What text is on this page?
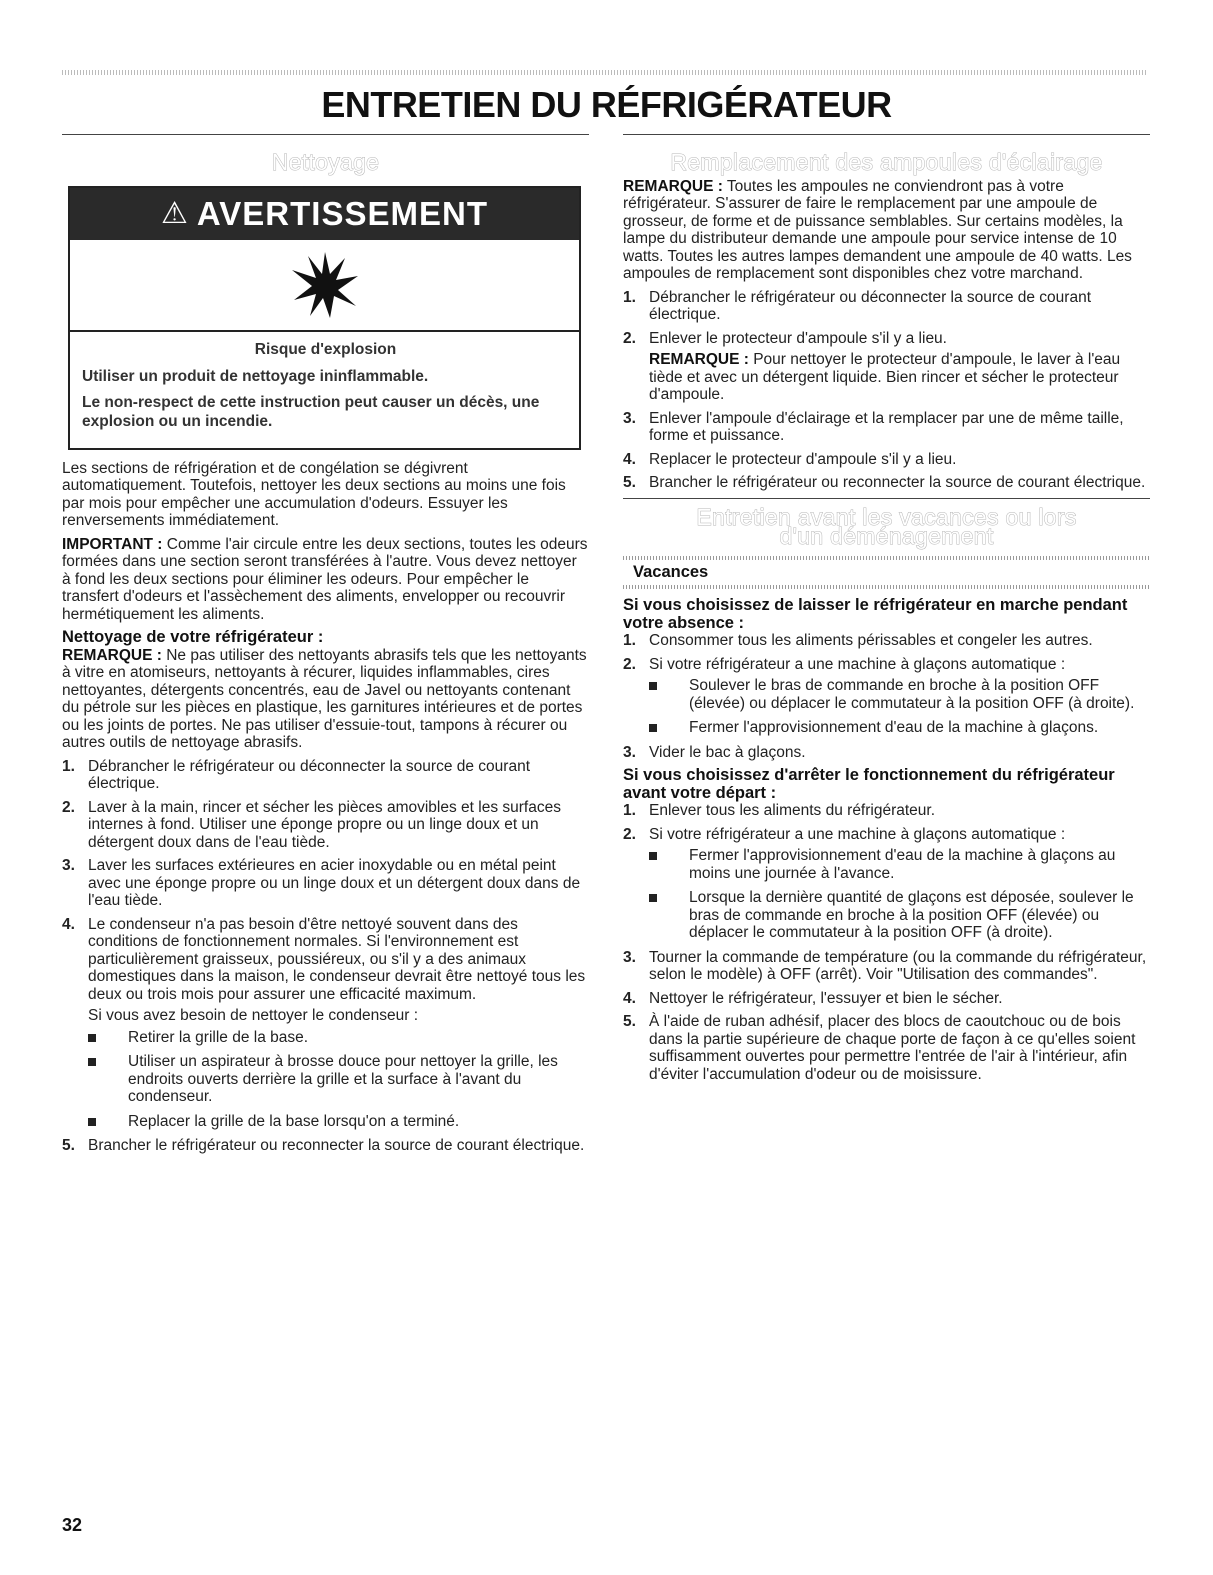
ENTRETIEN DU RÉFRIGÉRATEUR
Nettoyage
⚠ AVERTISSEMENT
Risque d'explosion

Utiliser un produit de nettoyage ininflammable.

Le non-respect de cette instruction peut causer un décès, une explosion ou un incendie.

Les sections de réfrigération et de congélation se dégivrent automatiquement. Toutefois, nettoyer les deux sections au moins une fois par mois pour empêcher une accumulation d'odeurs. Essuyer les renversements immédiatement.

IMPORTANT : Comme l'air circule entre les deux sections, toutes les odeurs formées dans une section seront transférées à l'autre. Vous devez nettoyer à fond les deux sections pour éliminer les odeurs. Pour empêcher le transfert d'odeurs et l'assèchement des aliments, envelopper ou recouvrir hermétiquement les aliments.

Nettoyage de votre réfrigérateur :

REMARQUE : Ne pas utiliser des nettoyants abrasifs tels que les nettoyants à vitre en atomiseurs, nettoyants à récurer, liquides inflammables, cires nettoyantes, détergents concentrés, eau de Javel ou nettoyants contenant du pétrole sur les pièces en plastique, les garnitures intérieures et de portes ou les joints de portes. Ne pas utiliser d'essuie-tout, tampons à récurer ou autres outils de nettoyage abrasifs.

1. Débrancher le réfrigérateur ou déconnecter la source de courant électrique.
2. Laver à la main, rincer et sécher les pièces amovibles et les surfaces internes à fond. Utiliser une éponge propre ou un linge doux et un détergent doux dans de l'eau tiède.
3. Laver les surfaces extérieures en acier inoxydable ou en métal peint avec une éponge propre ou un linge doux et un détergent doux dans de l'eau tiède.
4. Le condenseur n'a pas besoin d'être nettoyé souvent dans des conditions de fonctionnement normales. Si l'environnement est particulièrement graisseux, poussiéreux, ou s'il y a des animaux domestiques dans la maison, le condenseur devrait être nettoyé tous les deux ou trois mois pour assurer une efficacité maximum.
Si vous avez besoin de nettoyer le condenseur :
Retirer la grille de la base.
Utiliser un aspirateur à brosse douce pour nettoyer la grille, les endroits ouverts derrière la grille et la surface à l'avant du condenseur.
Replacer la grille de la base lorsqu'on a terminé.
5. Brancher le réfrigérateur ou reconnecter la source de courant électrique.
Remplacement des ampoules d'éclairage

REMARQUE : Toutes les ampoules ne conviendront pas à votre réfrigérateur. S'assurer de faire le remplacement par une ampoule de grosseur, de forme et de puissance semblables. Sur certains modèles, la lampe du distributeur demande une ampoule pour service intense de 10 watts. Toutes les autres lampes demandent une ampoule de 40 watts. Les ampoules de remplacement sont disponibles chez votre marchand.

1. Débrancher le réfrigérateur ou déconnecter la source de courant électrique.
2. Enlever le protecteur d'ampoule s'il y a lieu.
REMARQUE : Pour nettoyer le protecteur d'ampoule, le laver à l'eau tiède et avec un détergent liquide. Bien rincer et sécher le protecteur d'ampoule.
3. Enlever l'ampoule d'éclairage et la remplacer par une de même taille, forme et puissance.
4. Replacer le protecteur d'ampoule s'il y a lieu.
5. Brancher le réfrigérateur ou reconnecter la source de courant électrique.
Entretien avant les vacances ou lors
d'un déménagement
Vacances
Si vous choisissez de laisser le réfrigérateur en marche pendant votre absence :
1. Consommer tous les aliments périssables et congeler les autres.
2. Si votre réfrigérateur a une machine à glaçons automatique :
Soulever le bras de commande en broche à la position OFF (élevée) ou déplacer le commutateur à la position OFF (à droite).
Fermer l'approvisionnement d'eau de la machine à glaçons.
3. Vider le bac à glaçons.
Si vous choisissez d'arrêter le fonctionnement du réfrigérateur avant votre départ :
1. Enlever tous les aliments du réfrigérateur.
2. Si votre réfrigérateur a une machine à glaçons automatique :
Fermer l'approvisionnement d'eau de la machine à glaçons au moins une journée à l'avance.
Lorsque la dernière quantité de glaçons est déposée, soulever le bras de commande en broche à la position OFF (élevée) ou déplacer le commutateur à la position OFF (à droite).
3. Tourner la commande de température (ou la commande du réfrigérateur, selon le modèle) à OFF (arrêt). Voir "Utilisation des commandes".
4. Nettoyer le réfrigérateur, l'essuyer et bien le sécher.
5. À l'aide de ruban adhésif, placer des blocs de caoutchouc ou de bois dans la partie supérieure de chaque porte de façon à ce qu'elles soient suffisamment ouvertes pour permettre l'entrée de l'air à l'intérieur, afin d'éviter l'accumulation d'odeur ou de moisissure.
32
